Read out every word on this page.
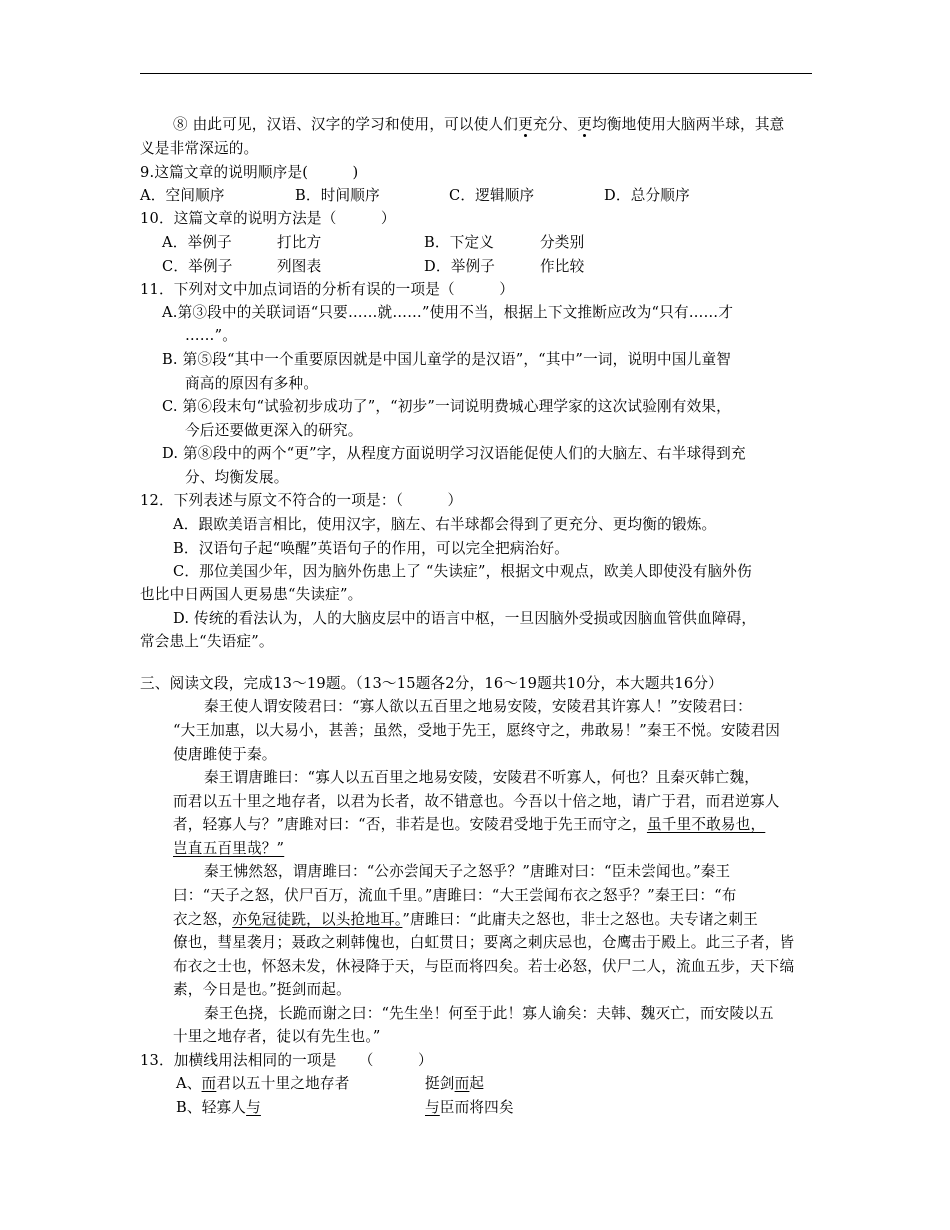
⑧ 由此可见，汉语、汉字的学习和使用，可以使人们更充分、更均衡地使用大脑两半球，其意
义是非常深远的。
9.这篇文章的说明顺序是(　　　)
A．空间顺序	B．时间顺序	C．逻辑顺序	D．总分顺序
10．这篇文章的说明方法是（　　　）
A．举例子	打比方	B．下定义	分类别
C．举例子	列图表	D．举例子	作比较
11．下列对文中加点词语的分析有误的一项是（　　　）
A.第③段中的关联词语“只要……就……”使用不当，根据上下文推断应改为“只有……才
……”。
B. 第⑤段“其中一个重要原因就是中国儿童学的是汉语”，“其中”一词，说明中国儿童智
商高的原因有多种。
C. 第⑥段末句“试验初步成功了”，“初步”一词说明费城心理学家的这次试验刚有效果，
今后还要做更深入的研究。
D. 第⑧段中的两个“更”字，从程度方面说明学习汉语能促使人们的大脑左、右半球得到充
分、均衡发展。
12．下列表述与原文不符合的一项是：（　　　）
A．跟欧美语言相比，使用汉字，脑左、右半球都会得到了更充分、更均衡的锻炼。
B．汉语句子起“唤醒”英语句子的作用，可以完全把病治好。
C．那位美国少年，因为脑外伤患上了 “失读症”，根据文中观点，欧美人即使没有脑外伤
也比中日两国人更易患“失读症”。
D. 传统的看法认为，人的大脑皮层中的语言中枢，一旦因脑外受损或因脑血管供血障碍，
常会患上“失语症”。
三、阅读文段，完成13～19题。（13～15题各2分，16～19题共10分，本大题共16分）
秦王使人谓安陵君曰：“寡人欲以五百里之地易安陵，安陵君其许寡人！”安陵君曰：
“大王加惠，以大易小，甚善；虽然，受地于先王，愿终守之，弗敢易！”秦王不悦。安陵君因
使唐雎使于秦。
秦王谓唐雎曰：“寡人以五百里之地易安陵，安陵君不听寡人，何也？且秦灭韩亡魏，
而君以五十里之地存者，以君为长者，故不错意也。今吾以十倍之地，请广于君，而君逆寡人
者，轻寡人与？”唐雎对曰：“否，非若是也。安陵君受地于先王而守之，虽千里不敢易也，
岂直五百里哉？”
秦王怫然怒，谓唐雎曰：“公亦尝闻天子之怒乎？”唐雎对曰：“臣未尝闻也。”秦王
曰：“天子之怒，伏尸百万，流血千里。”唐雎曰：“大王尝闻布衣之怒乎？”秦王曰：“布
衣之怒，亦免冠徒跣，以头抢地耳。”唐雎曰：“此庸夫之怒也，非士之怒也。夫专诸之刺王
僚也，彗星袭月；聂政之刺韩傀也，白虹贯日；要离之刺庆忌也，仓鹰击于殿上。此三子者，皆
布衣之士也，怀怒未发，休祲降于天，与臣而将四矣。若士必怒，伏尸二人，流血五步，天下缟
素，今日是也。”挺剑而起。
秦王色挠，长跪而谢之曰：“先生坐！何至于此！寡人谕矣：夫韩、魏灭亡，而安陵以五
十里之地存者，徒以有先生也。”
13．加横线用法相同的一项是　　（　　　）
A、而君以五十里之地存者	挺剑而起
B、轻寡人与	与臣而将四矣
